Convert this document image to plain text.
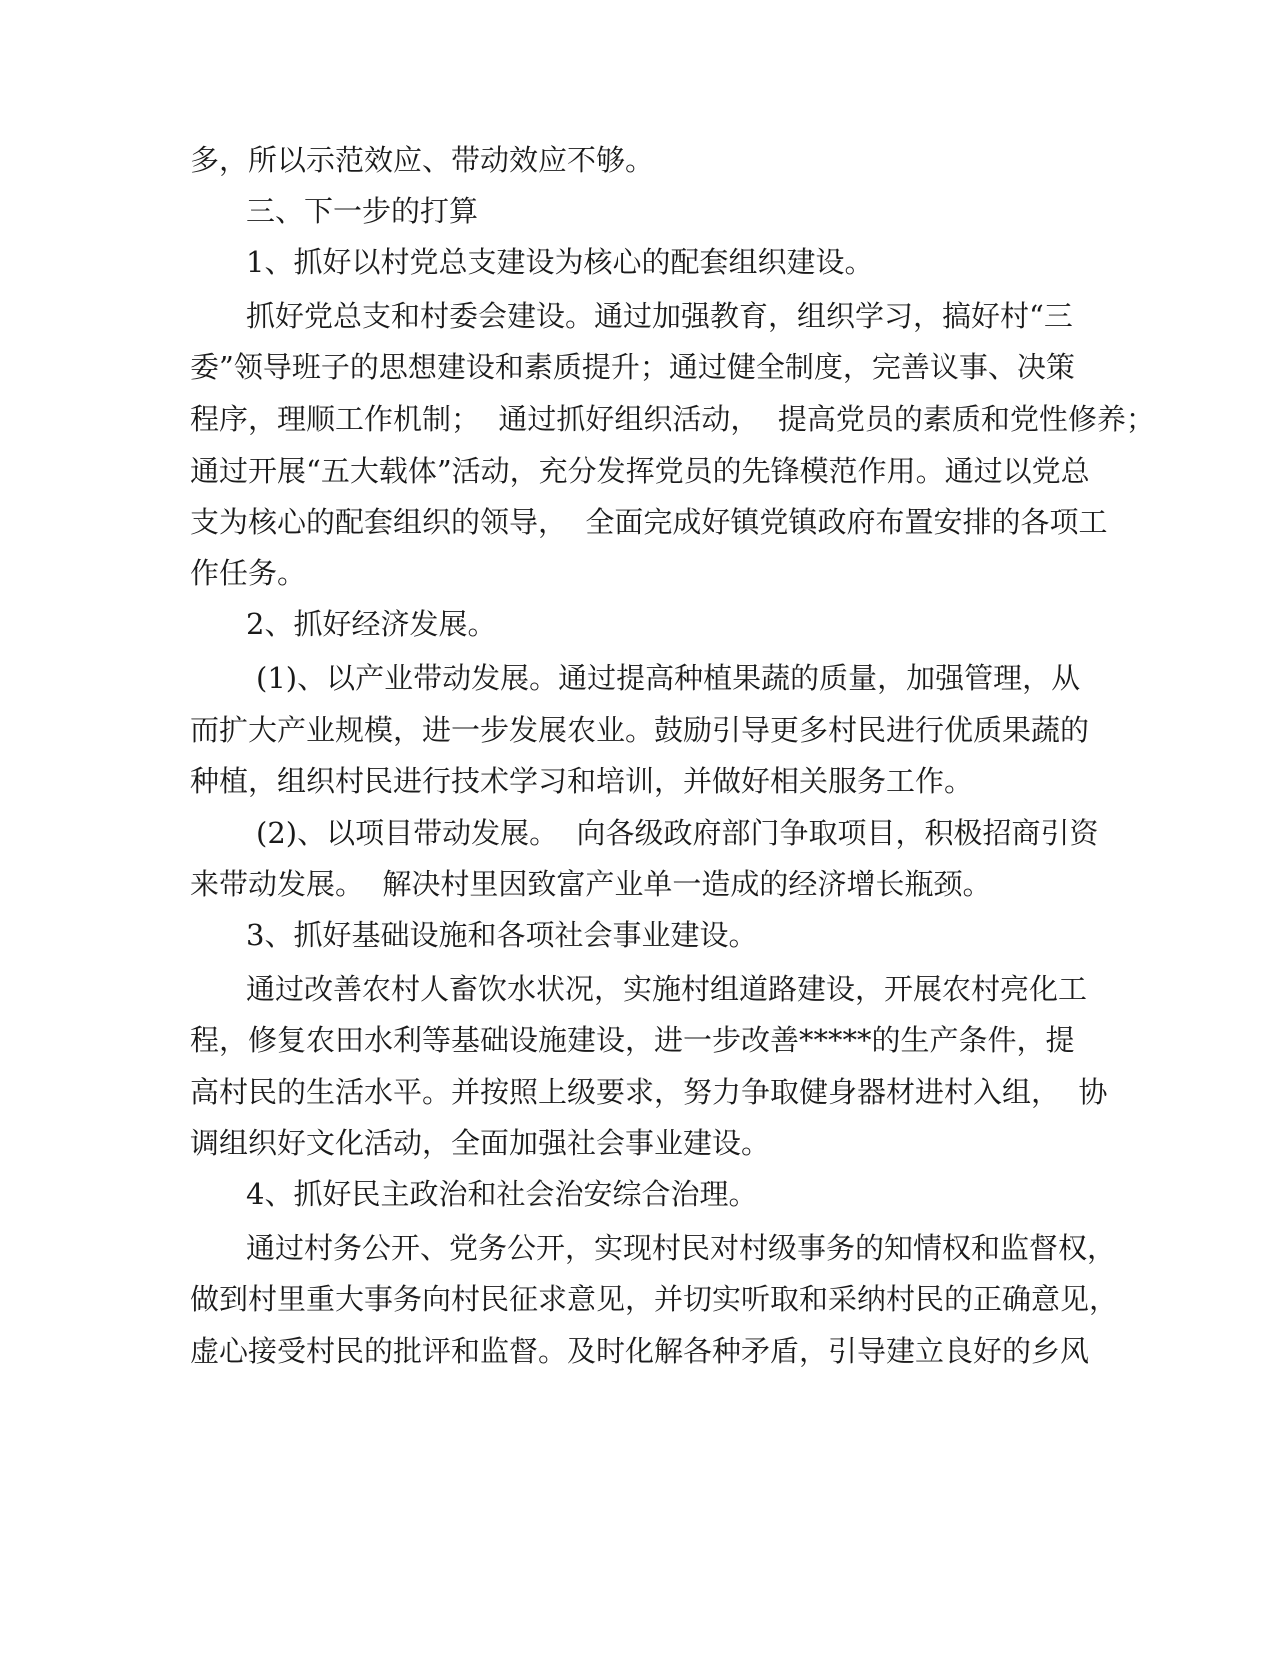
多，所以示范效应、带动效应不够。
三、下一步的打算
1、抓好以村党总支建设为核心的配套组织建设。
抓好党总支和村委会建设。通过加强教育，组织学习，搞好村“三
委”领导班子的思想建设和素质提升；通过健全制度，完善议事、决策
程序，理顺工作机制；  通过抓好组织活动，  提高党员的素质和党性修养；
通过开展“五大载体”活动，充分发挥党员的先锋模范作用。通过以党总
支为核心的配套组织的领导，  全面完成好镇党镇政府布置安排的各项工
作任务。
2、抓好经济发展。
(1)、以产业带动发展。通过提高种植果蔬的质量，加强管理，从
而扩大产业规模，进一步发展农业。鼓励引导更多村民进行优质果蔬的
种植，组织村民进行技术学习和培训，并做好相关服务工作。
(2)、以项目带动发展。  向各级政府部门争取项目，积极招商引资
来带动发展。  解决村里因致富产业单一造成的经济增长瓶颈。
3、抓好基础设施和各项社会事业建设。
通过改善农村人畜饮水状况，实施村组道路建设，开展农村亮化工
程，修复农田水利等基础设施建设，进一步改善*****的生产条件，提
高村民的生活水平。并按照上级要求，努力争取健身器材进村入组，  协
调组织好文化活动，全面加强社会事业建设。
4、抓好民主政治和社会治安综合治理。
通过村务公开、党务公开，实现村民对村级事务的知情权和监督权，
做到村里重大事务向村民征求意见，并切实听取和采纳村民的正确意见，
虚心接受村民的批评和监督。及时化解各种矛盾，引导建立良好的乡风
